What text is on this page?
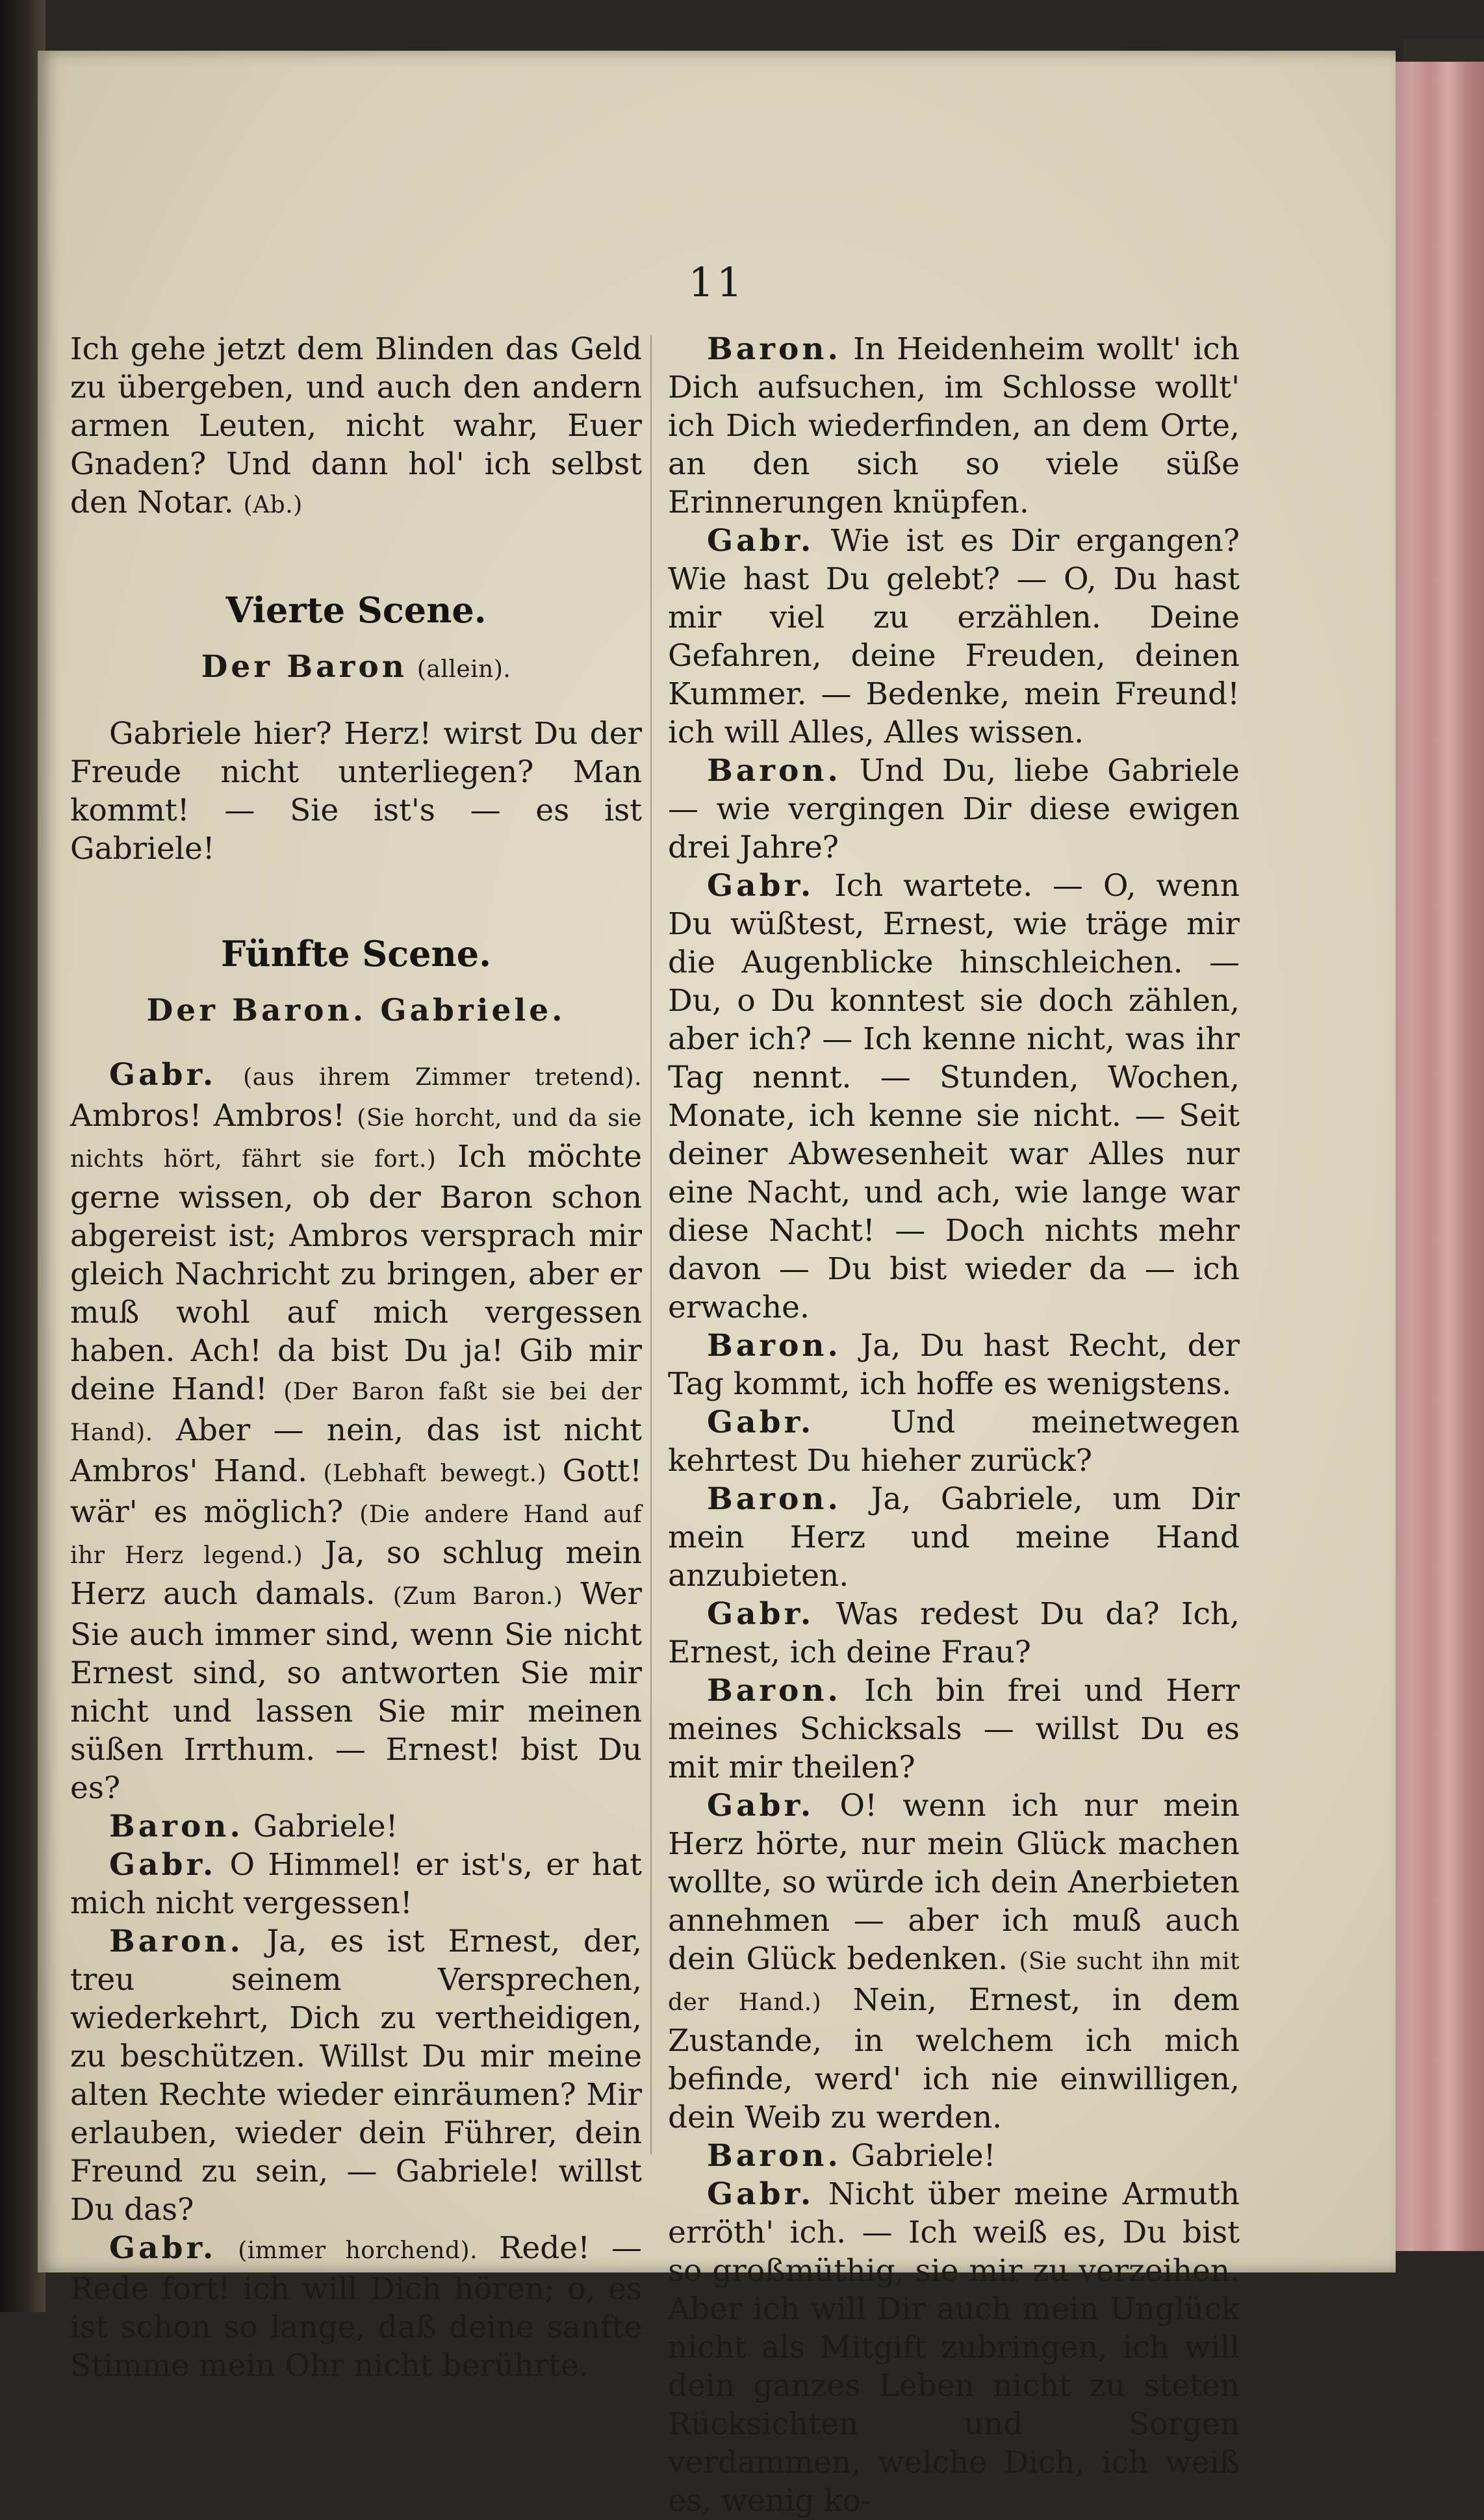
11

Ich gehe jetzt dem Blinden das Geld zu übergeben, und auch den andern armen Leuten, nicht wahr, Euer Gnaden? Und dann hol' ich selbst den Notar. (Ab.)

Vierte Scene.
Der Baron (allein).

Gabriele hier? Herz! wirst Du der Freude nicht unterliegen? Man kommt! — Sie ist's — es ist Gabriele!

Fünfte Scene.
Der Baron. Gabriele.

Gabr. (aus ihrem Zimmer tretend). Ambros! Ambros! (Sie horcht, und da sie nichts hört, fährt sie fort.) Ich möchte gerne wissen, ob der Baron schon abgereist ist; Ambros versprach mir gleich Nachricht zu bringen, aber er muß wohl auf mich vergessen haben. Ach! da bist Du ja! Gib mir deine Hand! (Der Baron faßt sie bei der Hand). Aber — nein, das ist nicht Ambros' Hand. (Lebhaft bewegt.) Gott! wär' es möglich? (Die andere Hand auf ihr Herz legend.) Ja, so schlug mein Herz auch damals. (Zum Baron.) Wer Sie auch immer sind, wenn Sie nicht Ernest sind, so antworten Sie mir nicht und lassen Sie mir meinen süßen Irrthum. — Ernest! bist Du es?

Baron. Gabriele!

Gabr. O Himmel! er ist's, er hat mich nicht vergessen!

Baron. Ja, es ist Ernest, der, treu seinem Versprechen, wiederkehrt, Dich zu vertheidigen, zu beschützen. Willst Du mir meine alten Rechte wieder einräumen? Mir erlauben, wieder dein Führer, dein Freund zu sein, — Gabriele! willst Du das?

Gabr. (immer horchend). Rede! — Rede fort! ich will Dich hören; o, es ist schon so lange, daß deine sanfte Stimme mein Ohr nicht berührte.

Baron. In Heidenheim wollt' ich Dich aufsuchen, im Schlosse wollt' ich Dich wiederfinden, an dem Orte, an den sich so viele süße Erinnerungen knüpfen.

Gabr. Wie ist es Dir ergangen? Wie hast Du gelebt? — O, Du hast mir viel zu erzählen. Deine Gefahren, deine Freuden, deinen Kummer. — Bedenke, mein Freund! ich will Alles, Alles wissen.

Baron. Und Du, liebe Gabriele — wie vergingen Dir diese ewigen drei Jahre?

Gabr. Ich wartete. — O, wenn Du wüßtest, Ernest, wie träge mir die Augenblicke hinschleichen. — Du, o Du konntest sie doch zählen, aber ich? — Ich kenne nicht, was ihr Tag nennt. — Stunden, Wochen, Monate, ich kenne sie nicht. — Seit deiner Abwesenheit war Alles nur eine Nacht, und ach, wie lange war diese Nacht! — Doch nichts mehr davon — Du bist wieder da — ich erwache.

Baron. Ja, Du hast Recht, der Tag kommt, ich hoffe es wenigstens.

Gabr. Und meinetwegen kehrtest Du hieher zurück?

Baron. Ja, Gabriele, um Dir mein Herz und meine Hand anzubieten.

Gabr. Was redest Du da? Ich, Ernest, ich deine Frau?

Baron. Ich bin frei und Herr meines Schicksals — willst Du es mit mir theilen?

Gabr. O! wenn ich nur mein Herz hörte, nur mein Glück machen wollte, so würde ich dein Anerbieten annehmen — aber ich muß auch dein Glück bedenken. (Sie sucht ihn mit der Hand.) Nein, Ernest, in dem Zustande, in welchem ich mich befinde, werd' ich nie einwilligen, dein Weib zu werden.

Baron. Gabriele!

Gabr. Nicht über meine Armuth erröth' ich. — Ich weiß es, Du bist so großmüthig, sie mir zu verzeihen. Aber ich will Dir auch mein Unglück nicht als Mitgift zubringen, ich will dein ganzes Leben nicht zu steten Rücksichten und Sorgen verdammen, welche Dich, ich weiß es, wenig ko-
